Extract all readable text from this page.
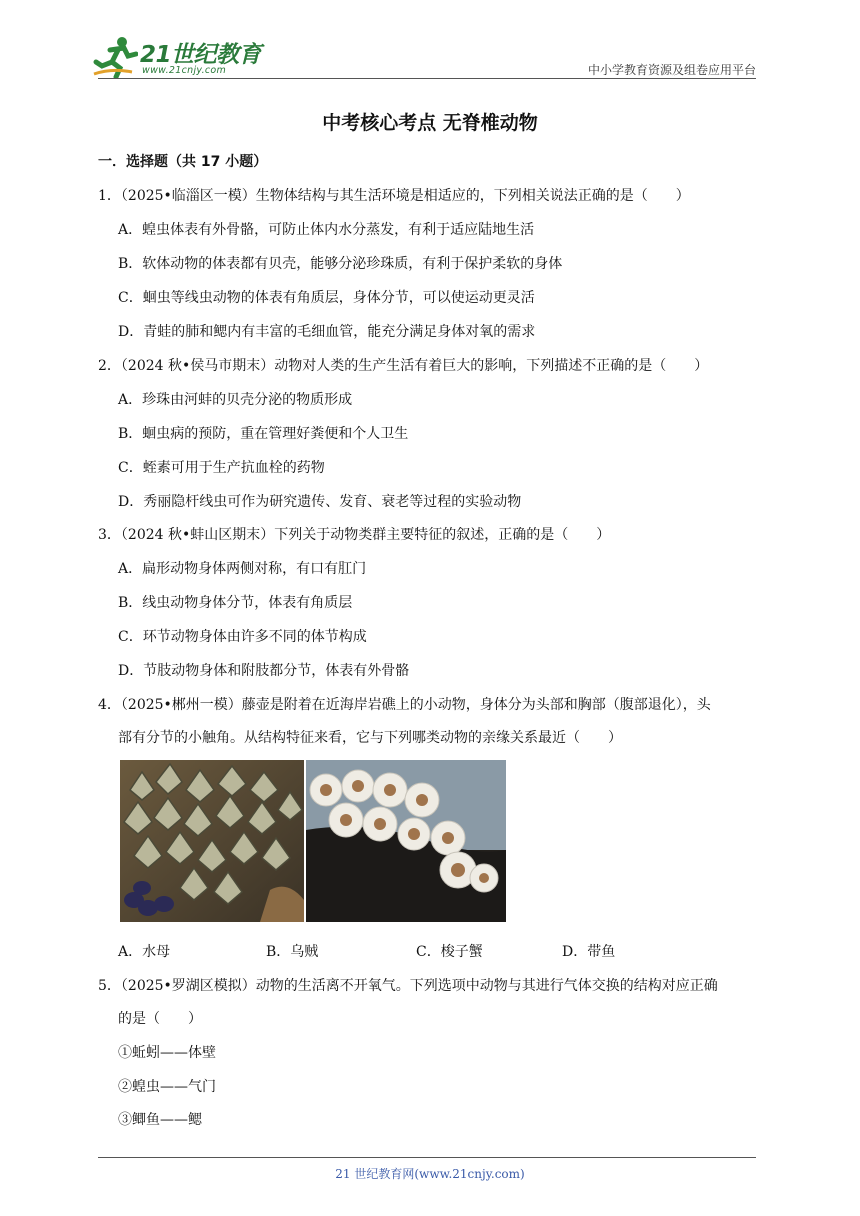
21世纪教育
www.21cnjy.com	中小学教育资源及组卷应用平台
中考核心考点 无脊椎动物
一．选择题（共 17 小题）
1．（2025•临淄区一模）生物体结构与其生活环境是相适应的，下列相关说法正确的是（　　）
A．蝗虫体表有外骨骼，可防止体内水分蒸发，有利于适应陆地生活
B．软体动物的体表都有贝壳，能够分泌珍珠质，有利于保护柔软的身体
C．蛔虫等线虫动物的体表有角质层，身体分节，可以使运动更灵活
D．青蛙的肺和鳃内有丰富的毛细血管，能充分满足身体对氧的需求
2．（2024 秋•侯马市期末）动物对人类的生产生活有着巨大的影响，下列描述不正确的是（　　）
A．珍珠由河蚌的贝壳分泌的物质形成
B．蛔虫病的预防，重在管理好粪便和个人卫生
C．蛭素可用于生产抗血栓的药物
D．秀丽隐杆线虫可作为研究遗传、发育、衰老等过程的实验动物
3．（2024 秋•蚌山区期末）下列关于动物类群主要特征的叙述，正确的是（　　）
A．扁形动物身体两侧对称，有口有肛门
B．线虫动物身体分节，体表有角质层
C．环节动物身体由许多不同的体节构成
D．节肢动物身体和附肢都分节，体表有外骨骼
4．（2025•郴州一模）藤壶是附着在近海岸岩礁上的小动物，身体分为头部和胸部（腹部退化），头
部有分节的小触角。从结构特征来看，它与下列哪类动物的亲缘关系最近（　　）
A．水母	B．乌贼	C．梭子蟹	D．带鱼
5．（2025•罗湖区模拟）动物的生活离不开氧气。下列选项中动物与其进行气体交换的结构对应正确
的是（　　）
①蚯蚓——体壁
②蝗虫——气门
③鲫鱼——鳃
21 世纪教育网(www.21cnjy.com)
